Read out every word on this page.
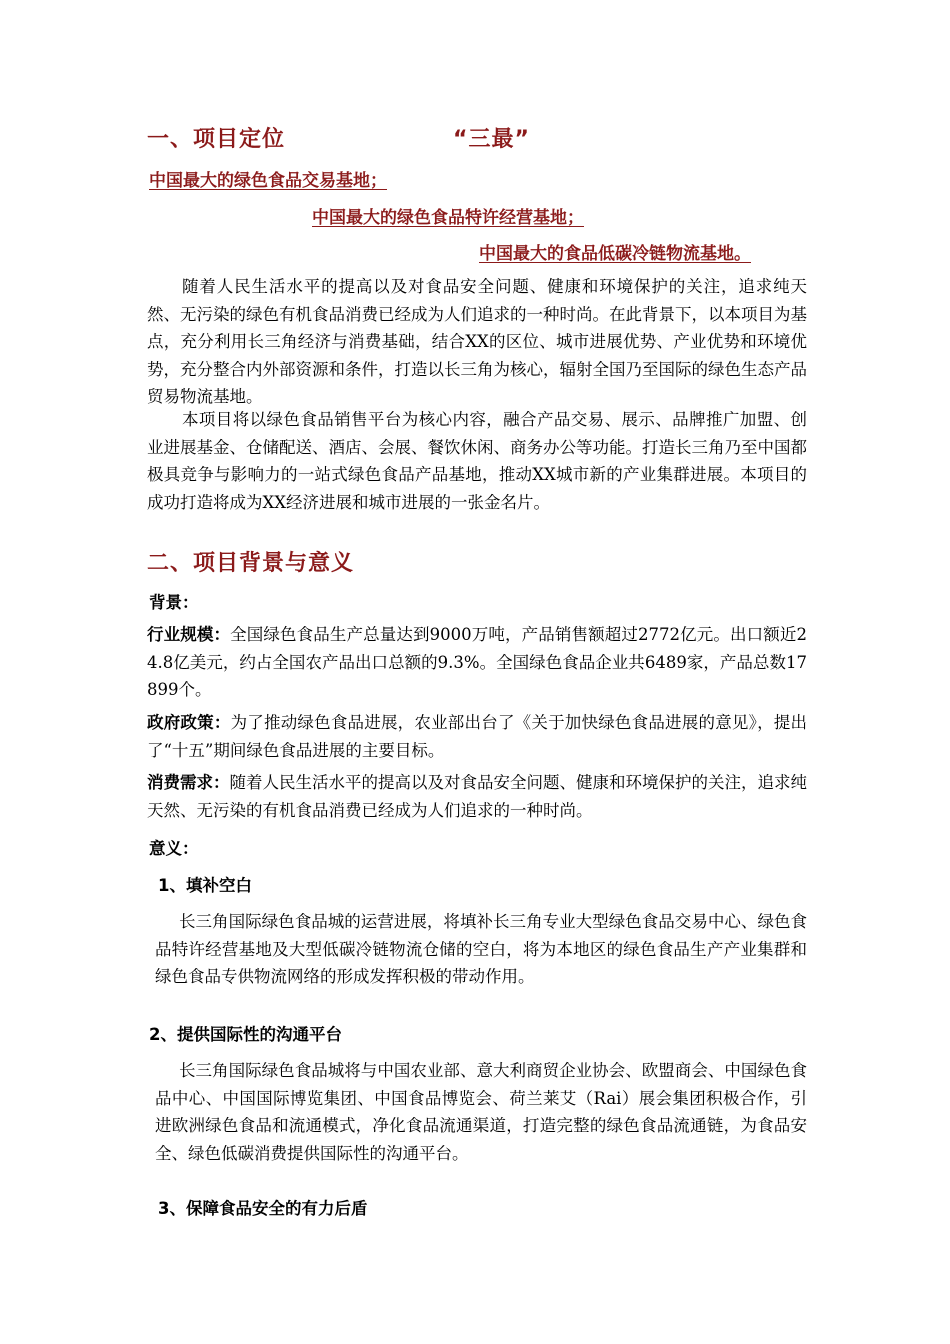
一、项目定位	“三最”
中国最大的绿色食品交易基地；
中国最大的绿色食品特许经营基地；
中国最大的食品低碳冷链物流基地。

随着人民生活水平的提高以及对食品安全问题、健康和环境保护的关注，追求纯天然、无污染的绿色有机食品消费已经成为人们追求的一种时尚。在此背景下，以本项目为基点，充分利用长三角经济与消费基础，结合XX的区位、城市进展优势、产业优势和环境优势，充分整合内外部资源和条件，打造以长三角为核心，辐射全国乃至国际的绿色生态产品贸易物流基地。

本项目将以绿色食品销售平台为核心内容，融合产品交易、展示、品牌推广加盟、创业进展基金、仓储配送、酒店、会展、餐饮休闲、商务办公等功能。打造长三角乃至中国都极具竞争与影响力的一站式绿色食品产品基地，推动XX城市新的产业集群进展。本项目的成功打造将成为XX经济进展和城市进展的一张金名片。

二、项目背景与意义
背景：

行业规模：全国绿色食品生产总量达到9000万吨，产品销售额超过2772亿元。出口额近24.8亿美元，约占全国农产品出口总额的9.3%。全国绿色食品企业共6489家，产品总数17899个。

政府政策：为了推动绿色食品进展，农业部出台了《关于加快绿色食品进展的意见》，提出了“十五”期间绿色食品进展的主要目标。

消费需求：随着人民生活水平的提高以及对食品安全问题、健康和环境保护的关注，追求纯天然、无污染的有机食品消费已经成为人们追求的一种时尚。

意义：
1、填补空白

长三角国际绿色食品城的运营进展，将填补长三角专业大型绿色食品交易中心、绿色食品特许经营基地及大型低碳冷链物流仓储的空白，将为本地区的绿色食品生产产业集群和绿色食品专供物流网络的形成发挥积极的带动作用。

2、提供国际性的沟通平台

长三角国际绿色食品城将与中国农业部、意大利商贸企业协会、欧盟商会、中国绿色食品中心、中国国际博览集团、中国食品博览会、荷兰莱艾（Rai）展会集团积极合作，引进欧洲绿色食品和流通模式，净化食品流通渠道，打造完整的绿色食品流通链，为食品安全、绿色低碳消费提供国际性的沟通平台。

3、保障食品安全的有力后盾
